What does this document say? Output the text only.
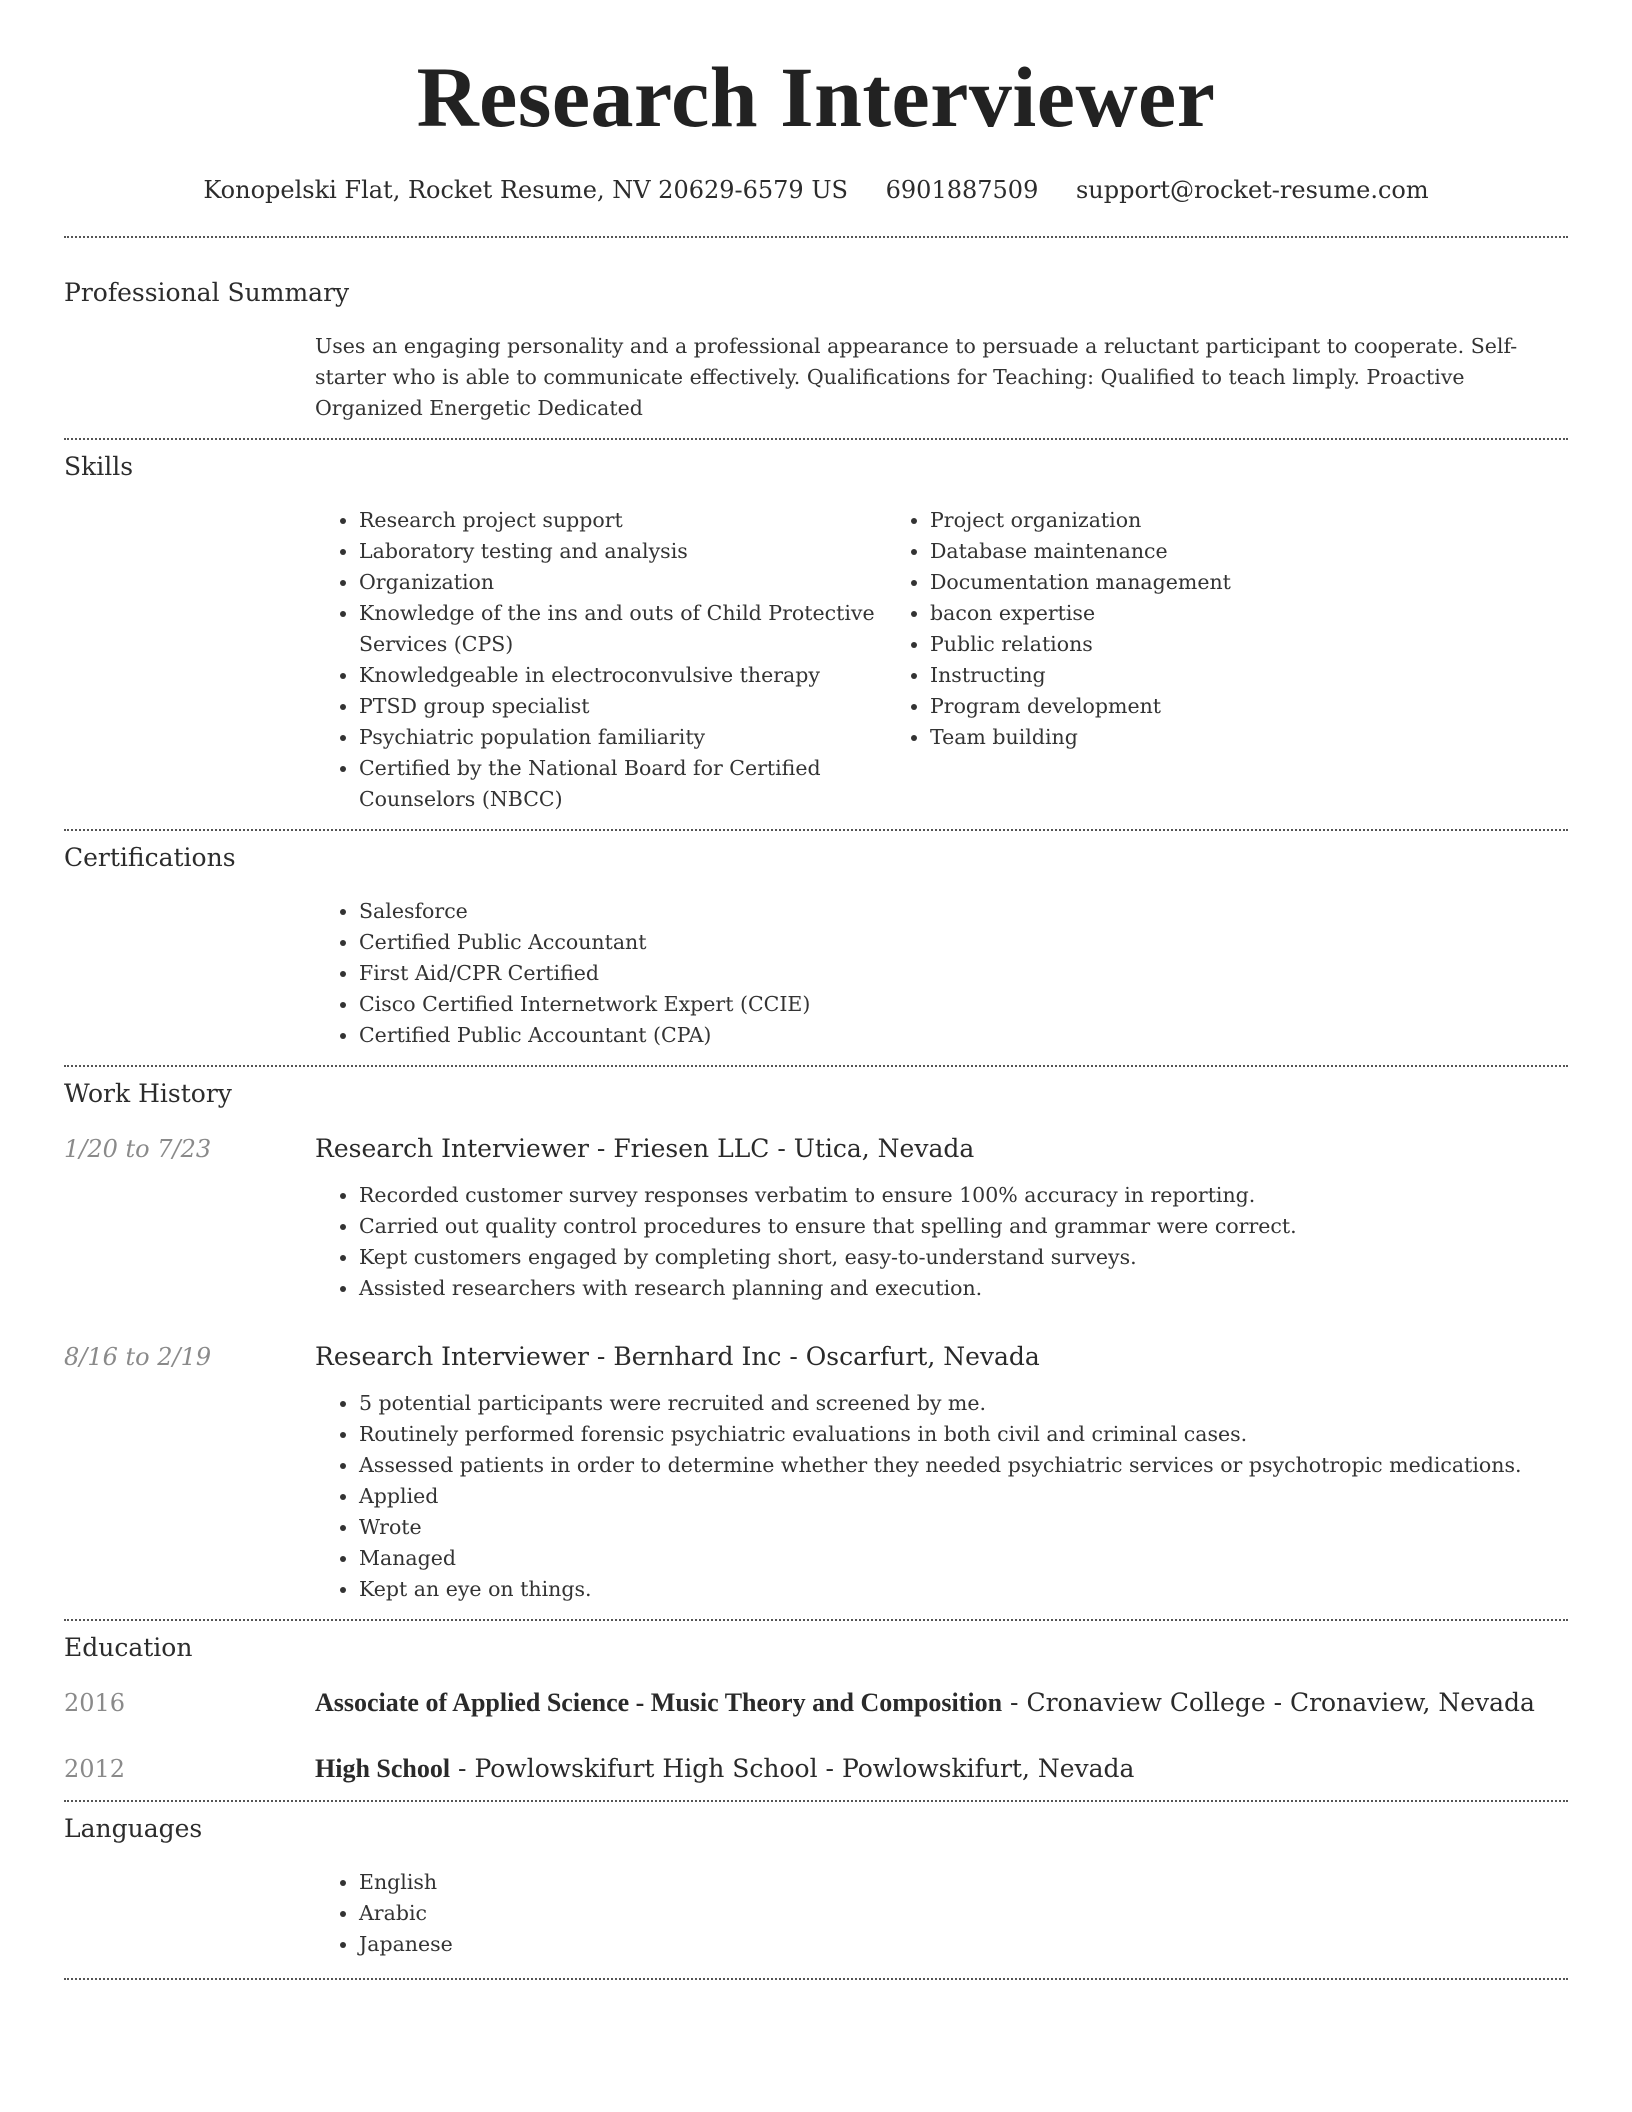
Research Interviewer
Konopelski Flat, Rocket Resume, NV 20629-6579 US 6901887509 support@rocket-resume.com
Professional Summary

Uses an engaging personality and a professional appearance to persuade a reluctant participant to cooperate. Self-starter who is able to communicate effectively. Qualifications for Teaching: Qualified to teach limply. Proactive Organized Energetic Dedicated

Skills
• Research project support
• Laboratory testing and analysis
• Organization
• Knowledge of the ins and outs of Child Protective Services (CPS)
• Knowledgeable in electroconvulsive therapy
• PTSD group specialist
• Psychiatric population familiarity
• Certified by the National Board for Certified Counselors (NBCC)
• Project organization
• Database maintenance
• Documentation management
• bacon expertise
• Public relations
• Instructing
• Program development
• Team building
Certifications
• Salesforce
• Certified Public Accountant
• First Aid/CPR Certified
• Cisco Certified Internetwork Expert (CCIE)
• Certified Public Accountant (CPA)
Work History
1/20 to 7/23	Research Interviewer - Friesen LLC - Utica, Nevada
• Recorded customer survey responses verbatim to ensure 100% accuracy in reporting.
• Carried out quality control procedures to ensure that spelling and grammar were correct.
• Kept customers engaged by completing short, easy-to-understand surveys.
• Assisted researchers with research planning and execution.
8/16 to 2/19	Research Interviewer - Bernhard Inc - Oscarfurt, Nevada
• 5 potential participants were recruited and screened by me.
• Routinely performed forensic psychiatric evaluations in both civil and criminal cases.
• Assessed patients in order to determine whether they needed psychiatric services or psychotropic medications.
• Applied
• Wrote
• Managed
• Kept an eye on things.
Education
2016	Associate of Applied Science - Music Theory and Composition - Cronaview College - Cronaview, Nevada
2012	High School - Powlowskifurt High School - Powlowskifurt, Nevada
Languages
• English
• Arabic
• Japanese
